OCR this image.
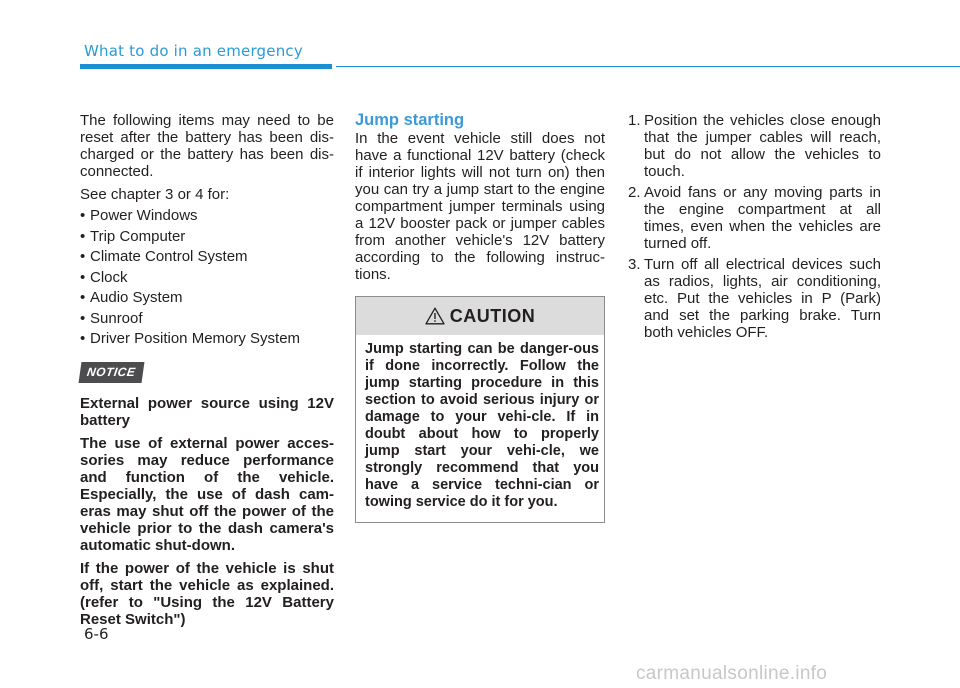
What to do in an emergency

The following items may need to be reset after the battery has been dis-charged or the battery has been dis-connected.

See chapter 3 or 4 for:

• Power Windows
• Trip Computer
• Climate Control System
• Clock
• Audio System
• Sunroof
• Driver Position Memory System
NOTICE

External power source using 12V battery

The use of external power acces-sories may reduce performance and function of the vehicle. Especially, the use of dash cam-eras may shut off the power of the vehicle prior to the dash camera's automatic shut-down.

If the power of the vehicle is shut off, start the vehicle as explained. (refer to "Using the 12V Battery Reset Switch")

Jump starting

In the event vehicle still does not have a functional 12V battery (check if interior lights will not turn on) then you can try a jump start to the engine compartment jumper terminals using a 12V booster pack or jumper cables from another vehicle's 12V battery according to the following instruc-tions.

CAUTION
Jump starting can be danger-ous if done incorrectly. Follow the jump starting procedure in this section to avoid serious injury or damage to your vehi-cle. If in doubt about how to properly jump start your vehi-cle, we strongly recommend that you have a service techni-cian or towing service do it for you.
1. Position the vehicles close enough that the jumper cables will reach, but do not allow the vehicles to touch.
2. Avoid fans or any moving parts in the engine compartment at all times, even when the vehicles are turned off.
3. Turn off all electrical devices such as radios, lights, air conditioning, etc. Put the vehicles in P (Park) and set the parking brake. Turn both vehicles OFF.
6-6
carmanualsonline.info
